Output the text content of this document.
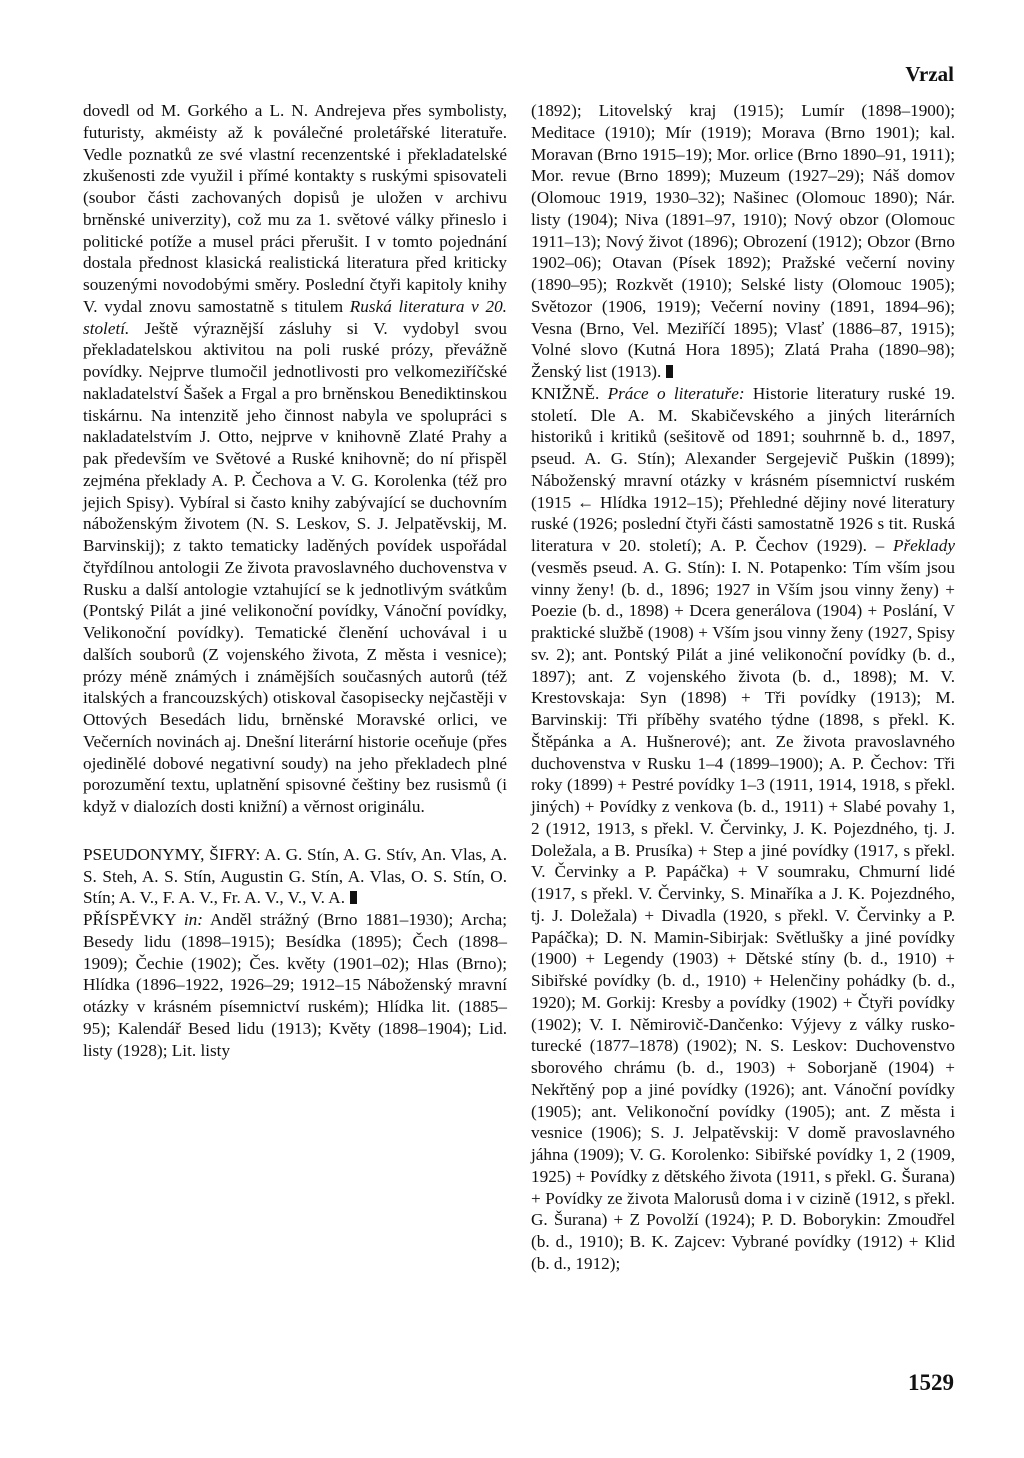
Vrzal

dovedl od M. Gorkého a L. N. Andrejeva přes symbolisty, futuristy, akméisty až k poválečné proletářské literatuře. Vedle poznatků ze své vlastní recenzentské i překladatelské zkušenosti zde využil i přímé kontakty s ruskými spisovateli (soubor části zachovaných dopisů je uložen v archivu brněnské univerzity), což mu za 1. světové války přineslo i politické potíže a musel práci přerušit. I v tomto pojednání dostala přednost klasická realistická literatura před kriticky souzenými novodobými směry. Poslední čtyři kapitoly knihy V. vydal znovu samostatně s titulem Ruská literatura v 20. století. Ještě výraznější zásluhy si V. vydobyl svou překladatelskou aktivitou na poli ruské prózy, převážně povídky. Nejprve tlumočil jednotlivosti pro velkomeziříčské nakladatelství Šašek a Frgal a pro brněnskou Benediktinskou tiskárnu. Na intenzitě jeho činnost nabyla ve spolupráci s nakladatelstvím J. Otto, nejprve v knihovně Zlaté Prahy a pak především ve Světové a Ruské knihovně; do ní přispěl zejména překlady A. P. Čechova a V. G. Korolenka (též pro jejich Spisy). Vybíral si často knihy zabývající se duchovním náboženským životem (N. S. Leskov, S. J. Jelpatěvskij, M. Barvinskij); z takto tematicky laděných povídek uspořádal čtyřdílnou antologii Ze života pravoslavného duchovenstva v Rusku a další antologie vztahující se k jednotlivým svátkům (Pontský Pilát a jiné velikonoční povídky, Vánoční povídky, Velikonoční povídky). Tematické členění uchovával i u dalších souborů (Z vojenského života, Z města i vesnice); prózy méně známých i známějších současných autorů (též italských a francouzských) otiskoval časopisecky nejčastěji v Ottových Besedách lidu, brněnské Moravské orlici, ve Večerních novinách aj. Dnešní literární historie oceňuje (přes ojedinělé dobové negativní soudy) na jeho překladech plné porozumění textu, uplatnění spisovné češtiny bez rusismů (i když v dialozích dosti knižní) a věrnost originálu.

PSEUDONYMY, ŠIFRY: A. G. Stín, A. G. Stív, An. Vlas, A. S. Steh, A. S. Stín, Augustin G. Stín, A. Vlas, O. S. Stín, O. Stín; A. V., F. A. V., Fr. A. V., V., V. A.

PŘÍSPĚVKY in: Anděl strážný (Brno 1881–1930); Archa; Besedy lidu (1898–1915); Besídka (1895); Čech (1898–1909); Čechie (1902); Čes. květy (1901–02); Hlas (Brno); Hlídka (1896–1922, 1926–29; 1912–15 Náboženský mravní otázky v krásném písemnictví ruském); Hlídka lit. (1885–95); Kalendář Besed lidu (1913); Květy (1898–1904); Lid. listy (1928); Lit. listy

(1892); Litovelský kraj (1915); Lumír (1898–1900); Meditace (1910); Mír (1919); Morava (Brno 1901); kal. Moravan (Brno 1915–19); Mor. orlice (Brno 1890–91, 1911); Mor. revue (Brno 1899); Muzeum (1927–29); Náš domov (Olomouc 1919, 1930–32); Našinec (Olomouc 1890); Nár. listy (1904); Niva (1891–97, 1910); Nový obzor (Olomouc 1911–13); Nový život (1896); Obrození (1912); Obzor (Brno 1902–06); Otavan (Písek 1892); Pražské večerní noviny (1890–95); Rozkvět (1910); Selské listy (Olomouc 1905); Světozor (1906, 1919); Večerní noviny (1891, 1894–96); Vesna (Brno, Vel. Meziříčí 1895); Vlasť (1886–87, 1915); Volné slovo (Kutná Hora 1895); Zlatá Praha (1890–98); Ženský list (1913).

KNIŽNĚ. Práce o literatuře: Historie literatury ruské 19. století. Dle A. M. Skabičevského a jiných literárních historiků i kritiků (sešitově od 1891; souhrnně b. d., 1897, pseud. A. G. Stín); Alexander Sergejevič Puškin (1899); Náboženský mravní otázky v krásném písemnictví ruském (1915 ← Hlídka 1912–15); Přehledné dějiny nové literatury ruské (1926; poslední čtyři části samostatně 1926 s tit. Ruská literatura v 20. století); A. P. Čechov (1929). – Překlady (vesměs pseud. A. G. Stín): I. N. Potapenko: Tím vším jsou vinny ženy! (b. d., 1896; 1927 in Vším jsou vinny ženy) + Poezie (b. d., 1898) + Dcera generálova (1904) + Poslání, V praktické službě (1908) + Vším jsou vinny ženy (1927, Spisy sv. 2); ant. Pontský Pilát a jiné velikonoční povídky (b. d., 1897); ant. Z vojenského života (b. d., 1898); M. V. Krestovskaja: Syn (1898) + Tři povídky (1913); M. Barvinskij: Tři příběhy svatého týdne (1898, s překl. K. Štěpánka a A. Hušnerové); ant. Ze života pravoslavného duchovenstva v Rusku 1–4 (1899–1900); A. P. Čechov: Tři roky (1899) + Pestré povídky 1–3 (1911, 1914, 1918, s překl. jiných) + Povídky z venkova (b. d., 1911) + Slabé povahy 1, 2 (1912, 1913, s překl. V. Červinky, J. K. Pojezdného, tj. J. Doležala, a B. Prusíka) + Step a jiné povídky (1917, s překl. V. Červinky a P. Papáčka) + V soumraku, Chmurní lidé (1917, s překl. V. Červinky, S. Minaříka a J. K. Pojezdného, tj. J. Doležala) + Divadla (1920, s překl. V. Červinky a P. Papáčka); D. N. Mamin-Sibirjak: Světlušky a jiné povídky (1900) + Legendy (1903) + Dětské stíny (b. d., 1910) + Sibiřské povídky (b. d., 1910) + Helenčiny pohádky (b. d., 1920); M. Gorkij: Kresby a povídky (1902) + Čtyři povídky (1902); V. I. Němirovič-Dančenko: Výjevy z války rusko-turecké (1877–1878) (1902); N. S. Leskov: Duchovenstvo sborového chrámu (b. d., 1903) + Soborjaně (1904) + Nekřtěný pop a jiné povídky (1926); ant. Vánoční povídky (1905); ant. Velikonoční povídky (1905); ant. Z města i vesnice (1906); S. J. Jelpatěvskij: V domě pravoslavného jáhna (1909); V. G. Korolenko: Sibiřské povídky 1, 2 (1909, 1925) + Povídky z dětského života (1911, s překl. G. Šurana) + Povídky ze života Malorusů doma i v cizině (1912, s překl. G. Šurana) + Z Povolží (1924); P. D. Boborykin: Zmoudřel (b. d., 1910); B. K. Zajcev: Vybrané povídky (1912) + Klid (b. d., 1912);

1529
